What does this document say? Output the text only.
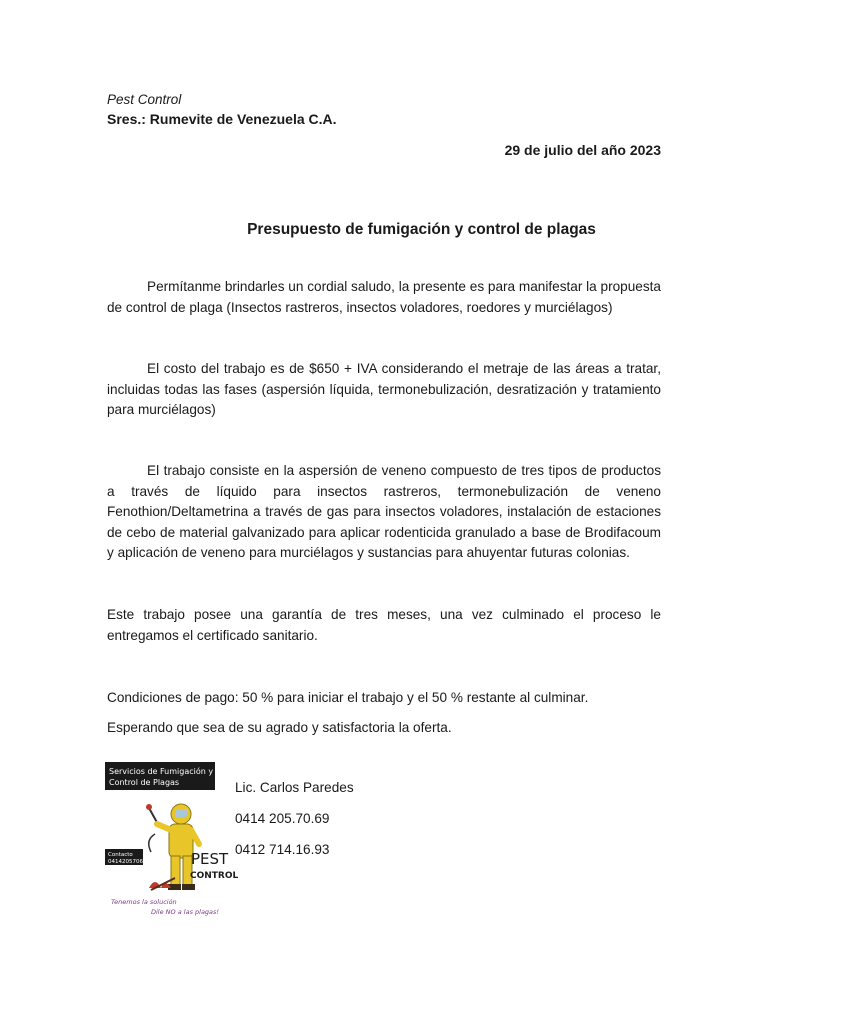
Pest Control
Sres.: Rumevite de Venezuela C.A.
29 de julio del año 2023
Presupuesto de fumigación y control de plagas
Permítanme brindarles un cordial saludo, la presente es para manifestar la propuesta de control de plaga (Insectos rastreros, insectos voladores, roedores y murciélagos)
El costo del trabajo es de $650 + IVA considerando el metraje de las áreas a tratar, incluidas todas las fases (aspersión líquida, termonebulización, desratización y tratamiento para murciélagos)
El trabajo consiste en la aspersión de veneno compuesto de tres tipos de productos a través de líquido para insectos rastreros, termonebulización de veneno Fenothion/Deltametrina a través de gas para insectos voladores, instalación de estaciones de cebo de material galvanizado para aplicar rodenticida granulado a base de Brodifacoum y aplicación de veneno para murciélagos y sustancias para ahuyentar futuras colonias.
Este trabajo posee una garantía de tres meses, una vez culminado el proceso le entregamos el certificado sanitario.
Condiciones de pago: 50 % para iniciar el trabajo y el 50 % restante al culminar.
Esperando que sea de su agrado y satisfactoria la oferta.
Servicios de Fumigación y
Control de Plagas
Contacto
04142057069	PEST
CONTROL
Tenemos la solución
Dile NO a las plagas!
Lic. Carlos Paredes
0414 205.70.69
0412 714.16.93
